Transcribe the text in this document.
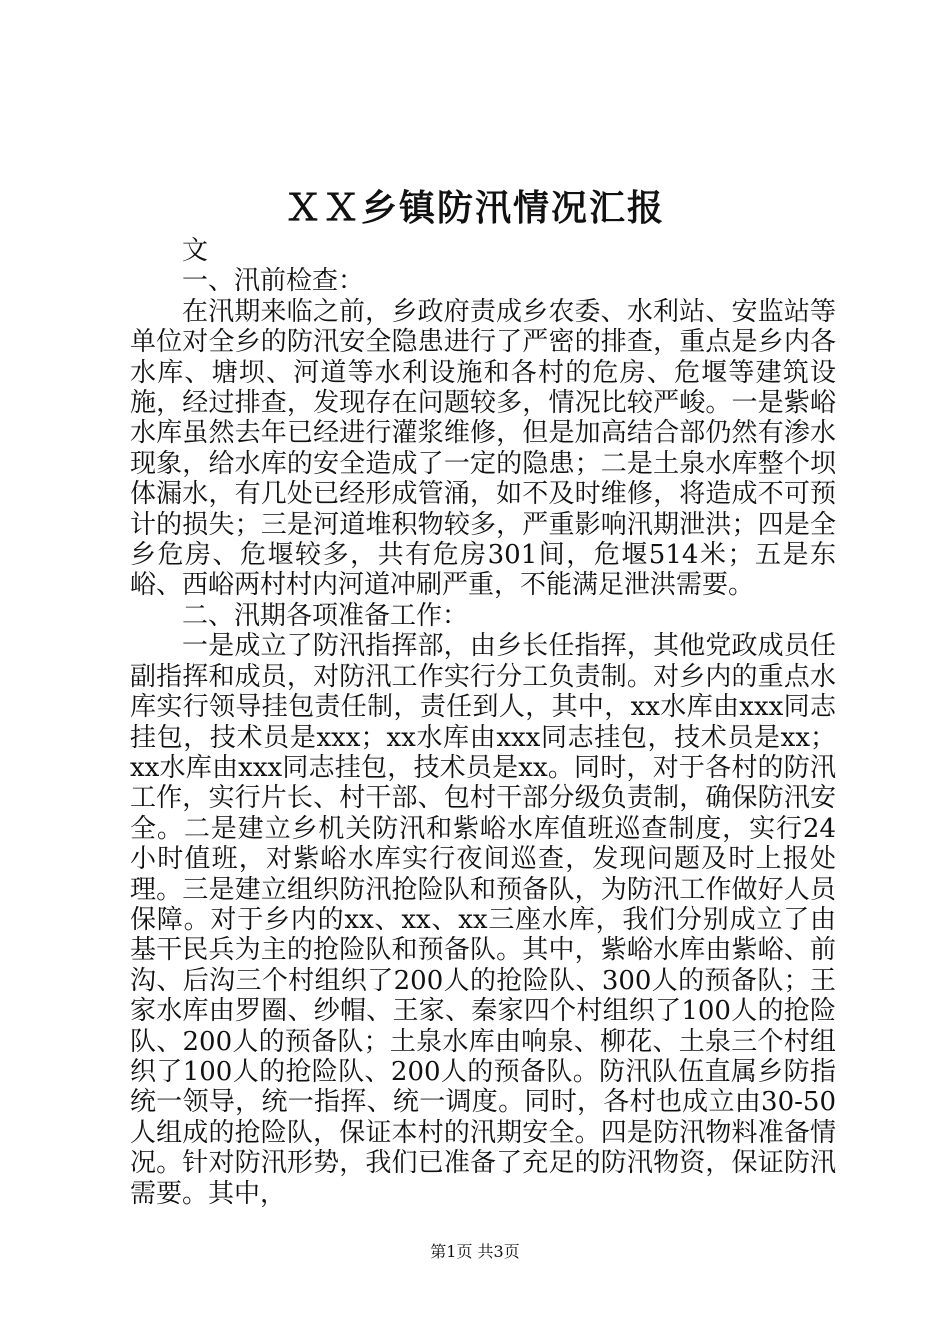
ＸＸ乡镇防汛情况汇报

文

一、汛前检查：

在汛期来临之前，乡政府责成乡农委、水利站、安监站等单位对全乡的防汛安全隐患进行了严密的排查，重点是乡内各水库、塘坝、河道等水利设施和各村的危房、危堰等建筑设施，经过排查，发现存在问题较多，情况比较严峻。一是紫峪水库虽然去年已经进行灌浆维修，但是加高结合部仍然有渗水现象，给水库的安全造成了一定的隐患；二是土泉水库整个坝体漏水，有几处已经形成管涌，如不及时维修，将造成不可预计的损失；三是河道堆积物较多，严重影响汛期泄洪；四是全乡危房、危堰较多，共有危房301间，危堰514米；五是东峪、西峪两村村内河道冲刷严重，不能满足泄洪需要。

二、汛期各项准备工作：

一是成立了防汛指挥部，由乡长任指挥，其他党政成员任副指挥和成员，对防汛工作实行分工负责制。对乡内的重点水库实行领导挂包责任制，责任到人，其中，xx水库由xxx同志挂包，技术员是xxx；xx水库由xxx同志挂包，技术员是xx；xx水库由xxx同志挂包，技术员是xx。同时，对于各村的防汛工作，实行片长、村干部、包村干部分级负责制，确保防汛安全。二是建立乡机关防汛和紫峪水库值班巡查制度，实行24小时值班，对紫峪水库实行夜间巡查，发现问题及时上报处理。三是建立组织防汛抢险队和预备队，为防汛工作做好人员保障。对于乡内的xx、xx、xx三座水库，我们分别成立了由基干民兵为主的抢险队和预备队。其中，紫峪水库由紫峪、前沟、后沟三个村组织了200人的抢险队、300人的预备队；王家水库由罗圈、纱帽、王家、秦家四个村组织了100人的抢险队、200人的预备队；土泉水库由响泉、柳花、土泉三个村组织了100人的抢险队、200人的预备队。防汛队伍直属乡防指统一领导，统一指挥、统一调度。同时，各村也成立由30-50人组成的抢险队，保证本村的汛期安全。四是防汛物料准备情况。针对防汛形势，我们已准备了充足的防汛物资，保证防汛需要。其中，

第1页 共3页
